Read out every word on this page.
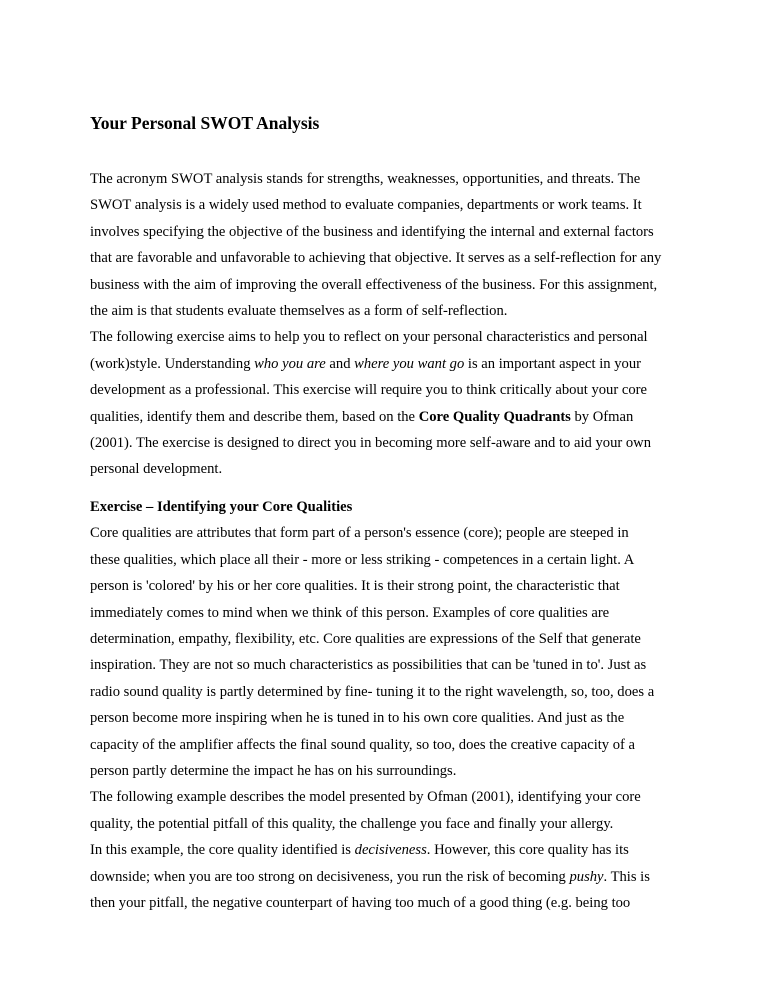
Your Personal SWOT Analysis
The acronym SWOT analysis stands for strengths, weaknesses, opportunities, and threats. The
SWOT analysis is a widely used method to evaluate companies, departments or work teams. It
involves specifying the objective of the business and identifying the internal and external factors
that are favorable and unfavorable to achieving that objective. It serves as a self-reflection for any
business with the aim of improving the overall effectiveness of the business. For this assignment,
the aim is that students evaluate themselves as a form of self-reflection.
The following exercise aims to help you to reflect on your personal characteristics and personal
(work)style. Understanding who you are and where you want go is an important aspect in your
development as a professional. This exercise will require you to think critically about your core
qualities, identify them and describe them, based on the Core Quality Quadrants by Ofman
(2001). The exercise is designed to direct you in becoming more self-aware and to aid your own
personal development.
Exercise – Identifying your Core Qualities
Core qualities are attributes that form part of a person's essence (core); people are steeped in
these qualities, which place all their - more or less striking - competences in a certain light. A
person is 'colored' by his or her core qualities. It is their strong point, the characteristic that
immediately comes to mind when we think of this person. Examples of core qualities are
determination, empathy, flexibility, etc. Core qualities are expressions of the Self that generate
inspiration. They are not so much characteristics as possibilities that can be 'tuned in to'. Just as
radio sound quality is partly determined by fine- tuning it to the right wavelength, so, too, does a
person become more inspiring when he is tuned in to his own core qualities. And just as the
capacity of the amplifier affects the final sound quality, so too, does the creative capacity of a
person partly determine the impact he has on his surroundings.
The following example describes the model presented by Ofman (2001), identifying your core
quality, the potential pitfall of this quality, the challenge you face and finally your allergy.
In this example, the core quality identified is decisiveness. However, this core quality has its
downside; when you are too strong on decisiveness, you run the risk of becoming pushy. This is
then your pitfall, the negative counterpart of having too much of a good thing (e.g. being too
